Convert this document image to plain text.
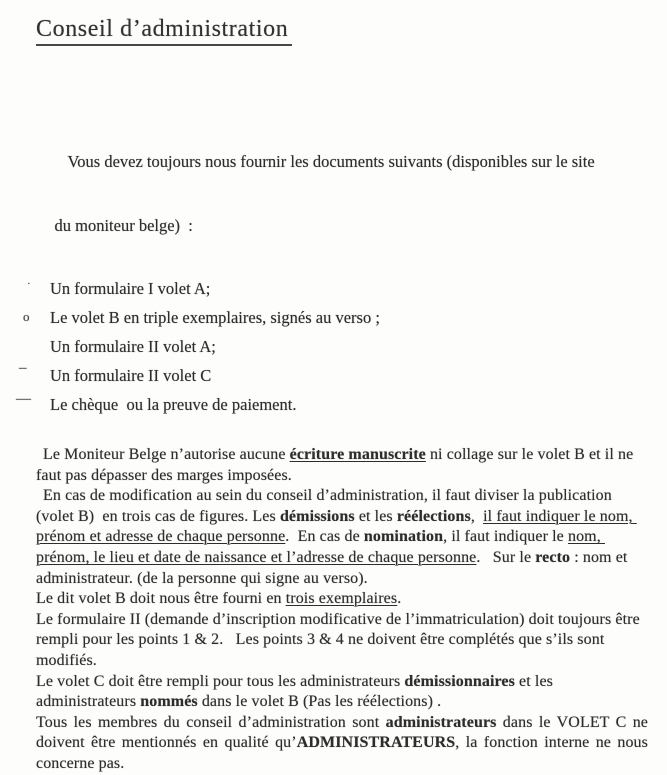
Conseil d’administration

Vous devez toujours nous fournir les documents suivants (disponibles sur le site

du moniteur belge)  :

· Un formulaire I volet A;
o Le volet B en triple exemplaires, signés au verso ;
Un formulaire II volet A;
– Un formulaire II volet C
— Le chèque  ou la preuve de paiement.

Le Moniteur Belge n’autorise aucune écriture manuscrite ni collage sur le volet B et il ne faut pas dépasser des marges imposées.

En cas de modification au sein du conseil d’administration, il faut diviser la publication (volet B)  en trois cas de figures. Les démissions et les réélections,  il faut indiquer le nom, prénom et adresse de chaque personne.  En cas de nomination, il faut indiquer le nom, prénom, le lieu et date de naissance et l’adresse de chaque personne.   Sur le recto : nom et administrateur. (de la personne qui signe au verso).

Le dit volet B doit nous être fourni en trois exemplaires.

Le formulaire II (demande d’inscription modificative de l’immatriculation) doit toujours être rempli pour les points 1 & 2.   Les points 3 & 4 ne doivent être complétés que s’ils sont modifiés.

Le volet C doit être rempli pour tous les administrateurs démissionnaires et les administrateurs nommés dans le volet B (Pas les réélections) .

Tous les membres du conseil d’administration sont administrateurs dans le VOLET C ne doivent être mentionnés en qualité qu’ADMINISTRATEURS, la fonction interne ne nous concerne pas.
